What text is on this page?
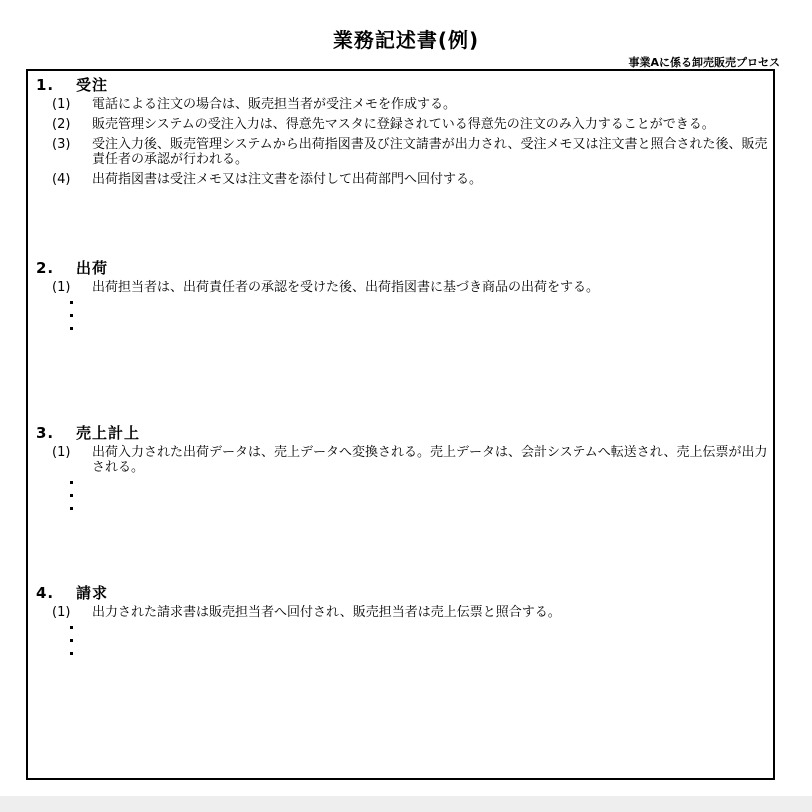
業務記述書(例)
事業Aに係る卸売販売プロセス
1. 受注
(1)	電話による注文の場合は、販売担当者が受注メモを作成する。
(2)	販売管理システムの受注入力は、得意先マスタに登録されている得意先の注文のみ入力することができる。
(3)	受注入力後、販売管理システムから出荷指図書及び注文請書が出力され、受注メモ又は注文書と照合された後、販売責任者の承認が行われる。
(4)	出荷指図書は受注メモ又は注文書を添付して出荷部門へ回付する。
2. 出荷
(1)	出荷担当者は、出荷責任者の承認を受けた後、出荷指図書に基づき商品の出荷をする。
3. 売上計上
(1)	出荷入力された出荷データは、売上データへ変換される。売上データは、会計システムへ転送され、売上伝票が出力される。
4. 請求
(1)	出力された請求書は販売担当者へ回付され、販売担当者は売上伝票と照合する。
